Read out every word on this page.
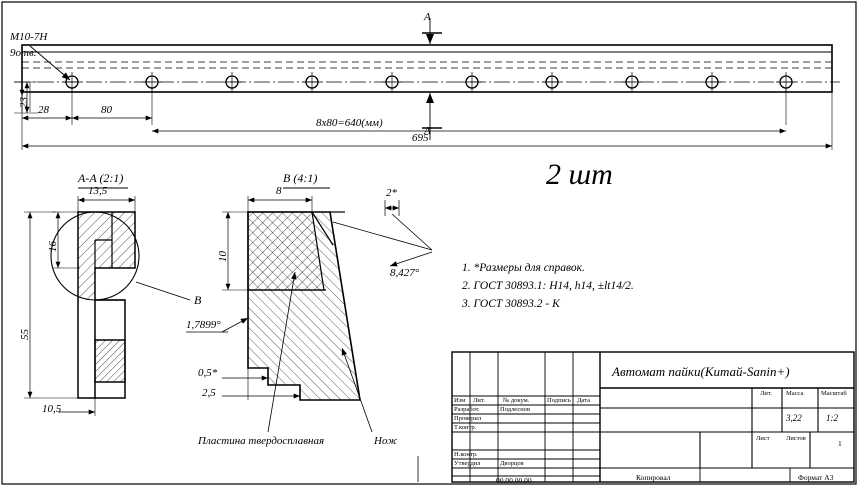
M10-7H
9отв.
23
28	80
8x80=640(мм)
695
A
A
2 шт
A-A (2:1)
13,5
16
55
10,5
B
B (4:1)
8
10
2*
8,427°
1,7899°
0,5*
2,5
Пластина твердосплавная	Нож
1. *Размеры для справок.
2. ГОСТ 30893.1: H14, h14, ±lt14/2.
3. ГОСТ 30893.2 - К
Автомат пайки(Китай-Sanin+)
00.00.00.00
Изм Лит.	№ докум.	Подпись Дата
Разработ.	Подлеснов
Проверил
Т.контр.
Н.контр.
Утвердил	Дворцов
Лит. Масса	Масштаб
3,22	1:2
Лист	Листов
1
Копировал	Формат А3
